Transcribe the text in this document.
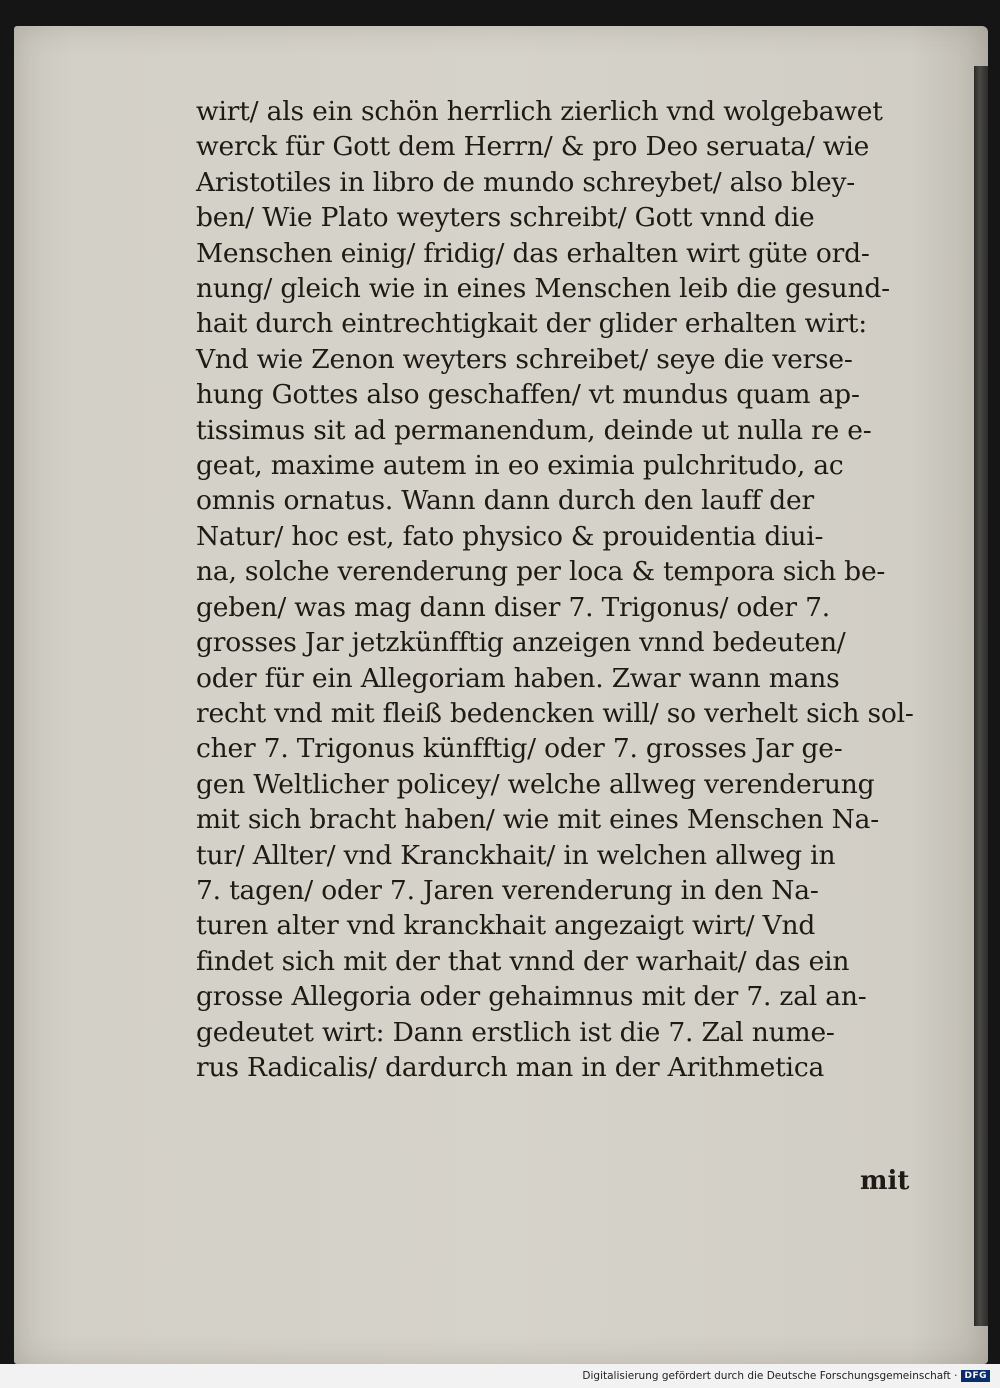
wirt/ als ein schön herrlich zierlich vnd wolgebawet
werck für Gott dem Herrn/ & pro Deo seruata/ wie
Aristotiles in libro de mundo schreybet/ also bley-
ben/ Wie Plato weyters schreibt/ Gott vnnd die
Menschen einig/ fridig/ das erhalten wirt güte ord-
nung/ gleich wie in eines Menschen leib die gesund-
hait durch eintrechtigkait der glider erhalten wirt:
Vnd wie Zenon weyters schreibet/ seye die verse-
hung Gottes also geschaffen/ vt mundus quam ap-
tissimus sit ad permanendum, deinde ut nulla re e-
geat, maxime autem in eo eximia pulchritudo, ac
omnis ornatus. Wann dann durch den lauff der
Natur/ hoc est, fato physico & prouidentia diui-
na, solche verenderung per loca & tempora sich be-
geben/ was mag dann diser 7. Trigonus/ oder 7.
grosses Jar jetzkünfftig anzeigen vnnd bedeuten/
oder für ein Allegoriam haben. Zwar wann mans
recht vnd mit fleiß bedencken will/ so verhelt sich sol-
cher 7. Trigonus künfftig/ oder 7. grosses Jar ge-
gen Weltlicher policey/ welche allweg verenderung
mit sich bracht haben/ wie mit eines Menschen Na-
tur/ Allter/ vnd Kranckhait/ in welchen allweg in
7. tagen/ oder 7. Jaren verenderung in den Na-
turen alter vnd kranckhait angezaigt wirt/ Vnd
findet sich mit der that vnnd der warhait/ das ein
grosse Allegoria oder gehaimnus mit der 7. zal an-
gedeutet wirt: Dann erstlich ist die 7. Zal nume-
rus Radicalis/ dardurch man in der Arithmetica
mit
Digitalisierung gefördert durch die Deutsche Forschungsgemeinschaft · DFG
